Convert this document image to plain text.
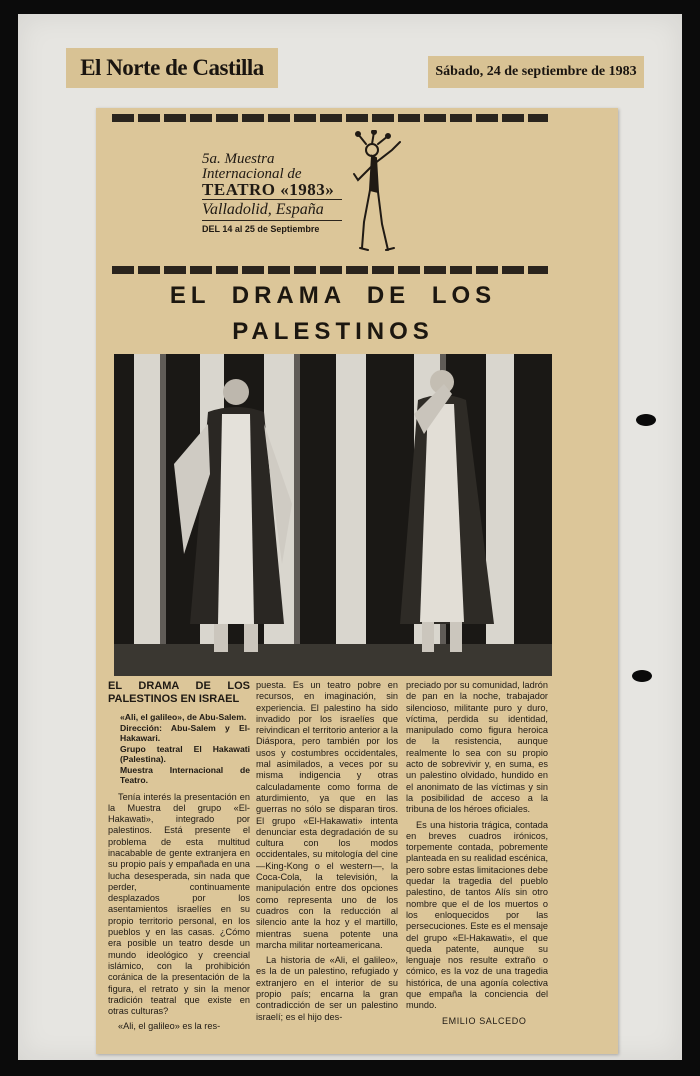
El Norte de Castilla	Sábado, 24 de septiembre de 1983
5a. Muestra
Internacional de
TEATRO «1983»
Valladolid, España
DEL 14 al 25 de Septiembre
EL DRAMA DE LOS PALESTINOS

EL DRAMA DE LOS PALESTINOS EN ISRAEL

«Ali, el galileo», de Abu-Salem.
Dirección: Abu-Salem y El-Hakawari.
Grupo teatral El Hakawati (Palestina).
Muestra Internacional de Teatro.

Tenía interés la presentación en la Muestra del grupo «El-Hakawati», integrado por palestinos. Está presente el problema de esta multitud inacabable de gente extranjera en su propio país y empañada en una lucha desesperada, sin nada que perder, continuamente desplazados por los asentamientos israelíes en su propio territorio personal, en los pueblos y en las casas. ¿Cómo era posible un teatro desde un mundo ideológico y creencial islámico, con la prohibición coránica de la presentación de la figura, el retrato y sin la menor tradición teatral que existe en otras culturas?

«Ali, el galileo» es la res-

puesta. Es un teatro pobre en recursos, en imaginación, sin experiencia. El palestino ha sido invadido por los israelíes que reivindican el territorio anterior a la Diáspora, pero también por los usos y costumbres occidentales, mal asimilados, a veces por su misma indigencia y otras calculadamente como forma de aturdimiento, ya que en las guerras no sólo se disparan tiros. El grupo «El-Hakawati» intenta denunciar esta degradación de su cultura con los modos occidentales, su mitología del cine —King-Kong o el western—, la Coca-Cola, la televisión, la manipulación entre dos opciones como representa uno de los cuadros con la reducción al silencio ante la hoz y el martillo, mientras suena potente una marcha militar norteamericana.

La historia de «Ali, el galileo», es la de un palestino, refugiado y extranjero en el interior de su propio país; encarna la gran contradicción de ser un palestino israelí; es el hijo des-

preciado por su comunidad, ladrón de pan en la noche, trabajador silencioso, militante puro y duro, víctima, perdida su identidad, manipulado como figura heroica de la resistencia, aunque realmente lo sea con su propio acto de sobrevivir y, en suma, es un palestino olvidado, hundido en el anonimato de las víctimas y sin la posibilidad de acceso a la tribuna de los héroes oficiales.

Es una historia trágica, contada en breves cuadros irónicos, torpemente contada, pobremente planteada en su realidad escénica, pero sobre estas limitaciones debe quedar la tragedia del pueblo palestino, de tantos Alís sin otro nombre que el de los muertos o los enloquecidos por las persecuciones. Este es el mensaje del grupo «El-Hakawati», el que queda patente, aunque su lenguaje nos resulte extraño o cómico, es la voz de una tragedia histórica, de una agonía colectiva que empaña la conciencia del mundo.

EMILIO SALCEDO
